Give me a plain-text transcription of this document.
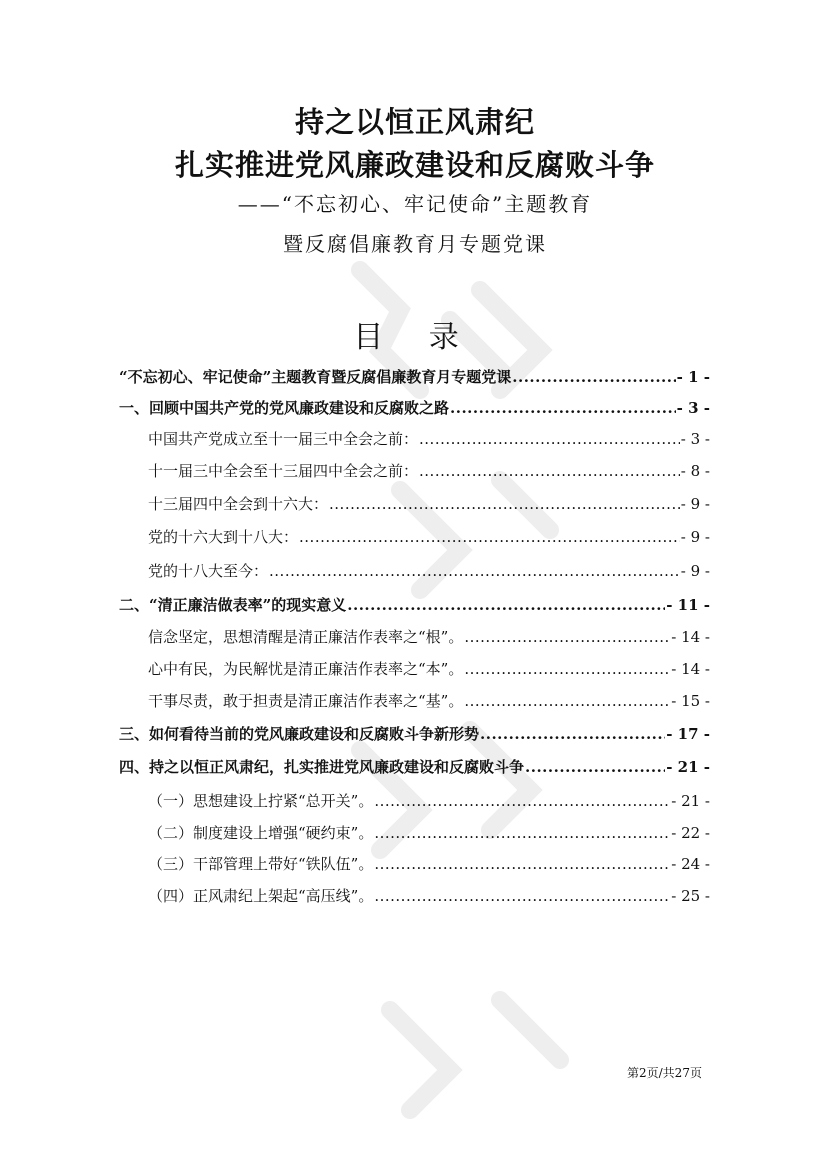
持之以恒正风肃纪
扎实推进党风廉政建设和反腐败斗争
——“不忘初心、牢记使命”主题教育
暨反腐倡廉教育月专题党课
目 录
“不忘初心、牢记使命”主题教育暨反腐倡廉教育月专题党课 .....	- 1 -
一、回顾中国共产党的党风廉政建设和反腐败之路 .....	- 3 -
中国共产党成立至十一届三中全会之前： .....	- 3 -
十一届三中全会至十三届四中全会之前： .....	- 8 -
十三届四中全会到十六大： .....	- 9 -
党的十六大到十八大： .....	- 9 -
党的十八大至今： .....	- 9 -
二、“清正廉洁做表率”的现实意义 .....	- 11 -
信念坚定，思想清醒是清正廉洁作表率之“根”。 .....	- 14 -
心中有民，为民解忧是清正廉洁作表率之“本”。 .....	- 14 -
干事尽责，敢于担责是清正廉洁作表率之“基”。 .....	- 15 -
三、如何看待当前的党风廉政建设和反腐败斗争新形势 .....	- 17 -
四、持之以恒正风肃纪，扎实推进党风廉政建设和反腐败斗争 .....	- 21 -
（一）思想建设上拧紧“总开关”。 .....	- 21 -
（二）制度建设上增强“硬约束”。 .....	- 22 -
（三）干部管理上带好“铁队伍”。 .....	- 24 -
（四）正风肃纪上架起“高压线”。 .....	- 25 -
第2页/共27页
